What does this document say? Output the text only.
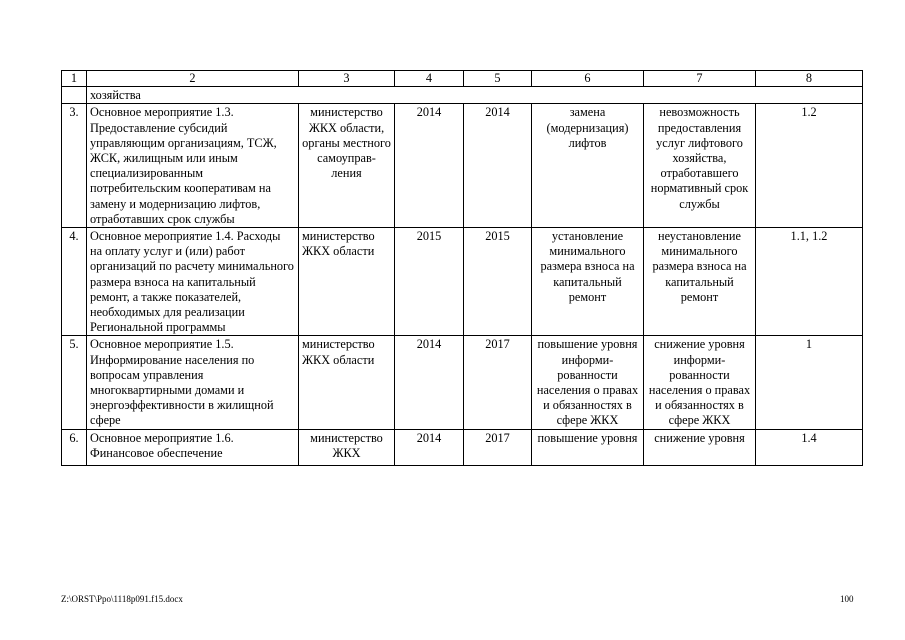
1	2	3	4	5	6	7	8
	хозяйства						
3.	Основное мероприятие 1.3. Предоставление субсидий управляющим организациям, ТСЖ, ЖСК, жилищным или иным специализированным потребительским кооперативам на замену и модернизацию лифтов, отработавших срок службы	министерство ЖКХ области, органы местного самоуправ-ления	2014	2014	замена (модернизация) лифтов	невозможность предоставления услуг лифтового хозяйства, отработавшего нормативный срок службы	1.2
4.	Основное мероприятие 1.4. Расходы на оплату услуг и (или) работ организаций по расчету минимального размера взноса на капитальный ремонт, а также показателей, необходимых для реализации Региональной программы	министерство ЖКХ области	2015	2015	установление минимального размера взноса на капитальный ремонт	неустановление минимального размера взноса на капитальный ремонт	1.1, 1.2
5.	Основное мероприятие 1.5. Информирование населения по вопросам управления многоквартирными домами и энергоэффективности в жилищной сфере	министерство ЖКХ области	2014	2017	повышение уровня информи-рованности населения о правах и обязанностях в сфере ЖКХ	снижение уровня информи-рованности населения о правах и обязанностях в сфере ЖКХ	1

6.	Основное мероприятие 1.6. Финансовое обеспечение	министерство ЖКХ	2014	2017	повышение уровня	снижение уровня	1.4
Z:\ORST\Ppo\1118p091.f15.docx	100
